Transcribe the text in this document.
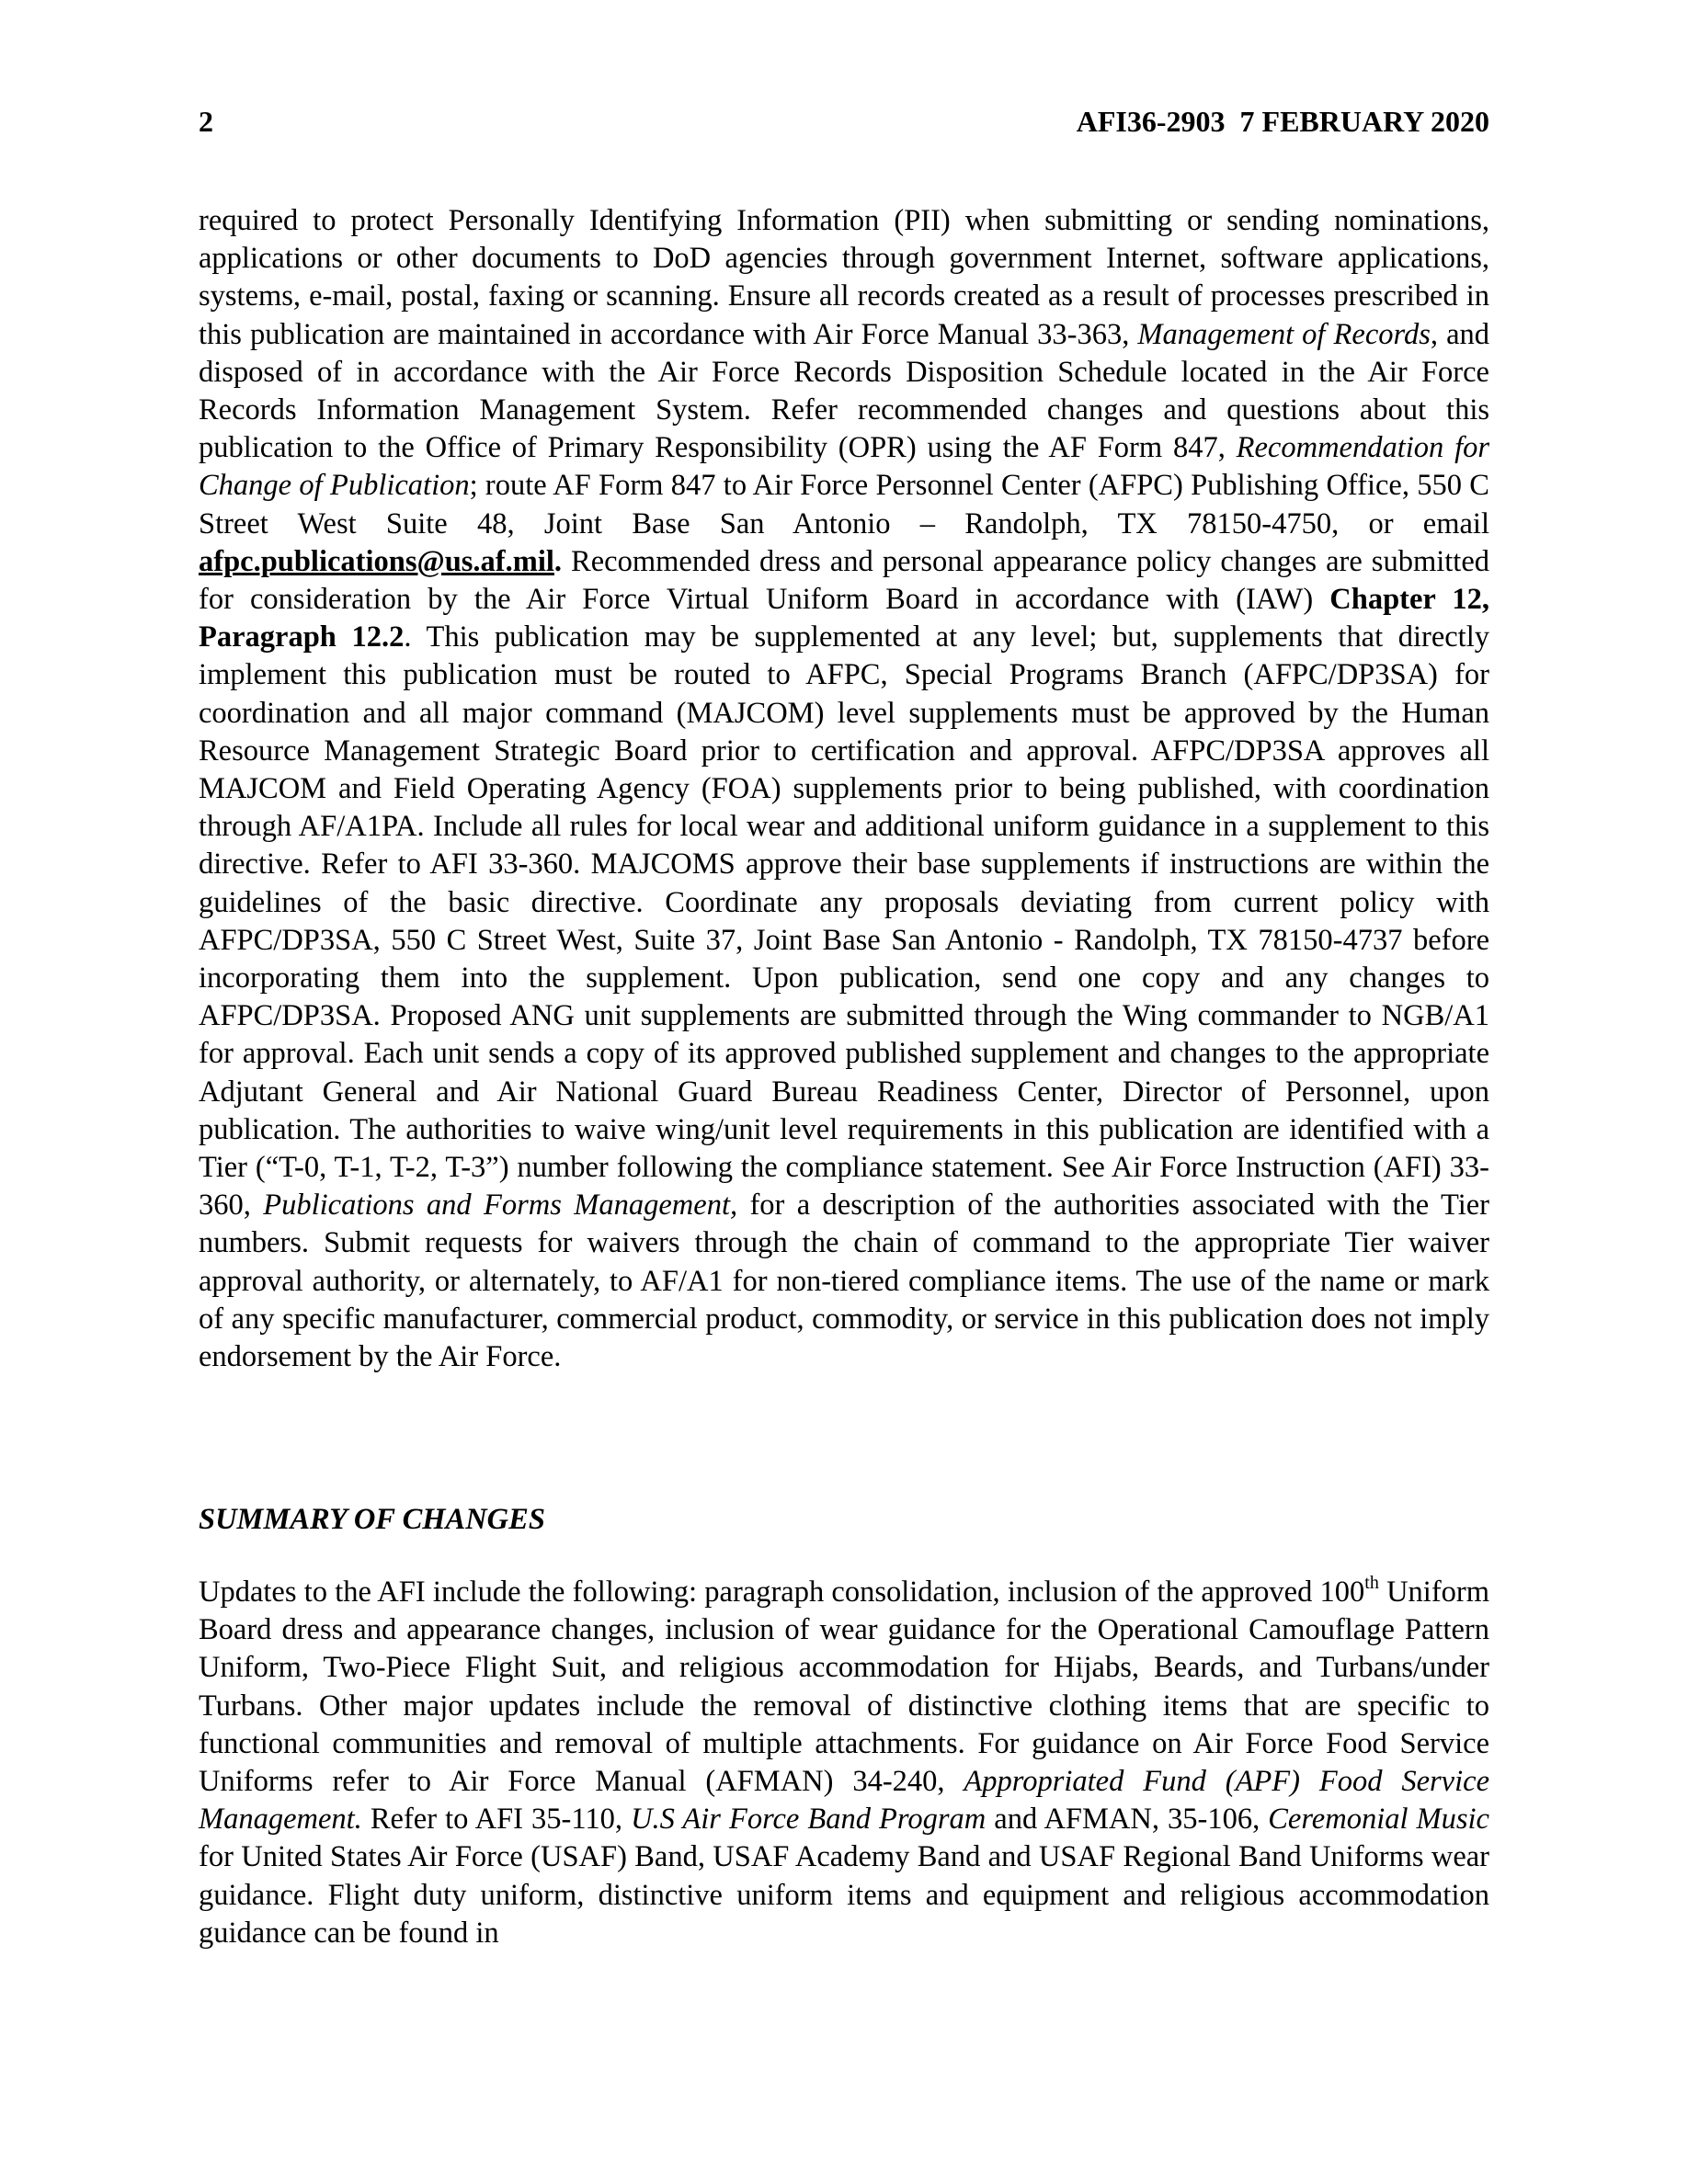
2	AFI36-2903  7 FEBRUARY 2020

required to protect Personally Identifying Information (PII) when submitting or sending nominations, applications or other documents to DoD agencies through government Internet, software applications, systems, e-mail, postal, faxing or scanning. Ensure all records created as a result of processes prescribed in this publication are maintained in accordance with Air Force Manual 33-363, Management of Records, and disposed of in accordance with the Air Force Records Disposition Schedule located in the Air Force Records Information Management System. Refer recommended changes and questions about this publication to the Office of Primary Responsibility (OPR) using the AF Form 847, Recommendation for Change of Publication; route AF Form 847 to Air Force Personnel Center (AFPC) Publishing Office, 550 C Street West Suite 48, Joint Base San Antonio – Randolph, TX 78150-4750, or email afpc.publications@us.af.mil. Recommended dress and personal appearance policy changes are submitted for consideration by the Air Force Virtual Uniform Board in accordance with (IAW) Chapter 12, Paragraph 12.2. This publication may be supplemented at any level; but, supplements that directly implement this publication must be routed to AFPC, Special Programs Branch (AFPC/DP3SA) for coordination and all major command (MAJCOM) level supplements must be approved by the Human Resource Management Strategic Board prior to certification and approval. AFPC/DP3SA approves all MAJCOM and Field Operating Agency (FOA) supplements prior to being published, with coordination through AF/A1PA. Include all rules for local wear and additional uniform guidance in a supplement to this directive. Refer to AFI 33-360. MAJCOMS approve their base supplements if instructions are within the guidelines of the basic directive. Coordinate any proposals deviating from current policy with AFPC/DP3SA, 550 C Street West, Suite 37, Joint Base San Antonio - Randolph, TX 78150-4737 before incorporating them into the supplement. Upon publication, send one copy and any changes to AFPC/DP3SA. Proposed ANG unit supplements are submitted through the Wing commander to NGB/A1 for approval. Each unit sends a copy of its approved published supplement and changes to the appropriate Adjutant General and Air National Guard Bureau Readiness Center, Director of Personnel, upon publication. The authorities to waive wing/unit level requirements in this publication are identified with a Tier (“T-0, T-1, T-2, T-3”) number following the compliance statement. See Air Force Instruction (AFI) 33-360, Publications and Forms Management, for a description of the authorities associated with the Tier numbers. Submit requests for waivers through the chain of command to the appropriate Tier waiver approval authority, or alternately, to AF/A1 for non-tiered compliance items. The use of the name or mark of any specific manufacturer, commercial product, commodity, or service in this publication does not imply endorsement by the Air Force.

SUMMARY OF CHANGES

Updates to the AFI include the following: paragraph consolidation, inclusion of the approved 100th Uniform Board dress and appearance changes, inclusion of wear guidance for the Operational Camouflage Pattern Uniform, Two-Piece Flight Suit, and religious accommodation for Hijabs, Beards, and Turbans/under Turbans. Other major updates include the removal of distinctive clothing items that are specific to functional communities and removal of multiple attachments. For guidance on Air Force Food Service Uniforms refer to Air Force Manual (AFMAN) 34-240, Appropriated Fund (APF) Food Service Management. Refer to AFI 35-110, U.S Air Force Band Program and AFMAN, 35-106, Ceremonial Music for United States Air Force (USAF) Band, USAF Academy Band and USAF Regional Band Uniforms wear guidance. Flight duty uniform, distinctive uniform items and equipment and religious accommodation guidance can be found in
